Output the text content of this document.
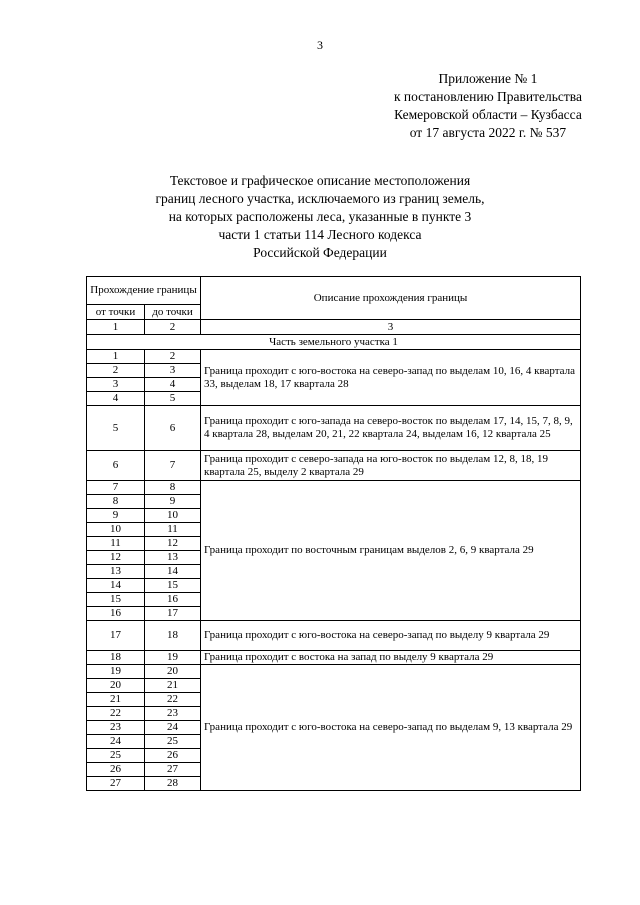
3
Приложение № 1
к постановлению Правительства
Кемеровской области – Кузбасса
от 17 августа 2022 г. № 537
Текстовое и графическое описание местоположения
границ лесного участка, исключаемого из границ земель,
на которых расположены леса, указанные в пункте 3
части 1 статьи 114 Лесного кодекса
Российской Федерации
Прохождение границы		Описание прохождения границы
от точки	до точки	
1	2	3
Часть земельного участка 1		
1	2	Граница проходит с юго-востока на северо-запад по выделам 10, 16, 4 квартала 33, выделам 18, 17 квартала 28
2	3	
3	4	
4	5	
5	6	Граница проходит с юго-запада на северо-восток по выделам 17, 14, 15, 7, 8, 9, 4 квартала 28, выделам 20, 21, 22 квартала 24, выделам 16, 12 квартала 25
6	7	Граница проходит с северо-запада на юго-восток по выделам 12, 8, 18, 19 квартала 25, выделу 2 квартала 29
7	8	Граница проходит по восточным границам выделов 2, 6, 9 квартала 29
8	9	
9	10	
10	11	
11	12	
12	13	
13	14	
14	15	
15	16	
16	17	
17	18	Граница проходит с юго-востока на северо-запад по выделу 9 квартала 29
18	19	Граница проходит с востока на запад по выделу 9 квартала 29
19	20	Граница проходит с юго-востока на северо-запад по выделам 9, 13 квартала 29
20	21	
21	22	
22	23	
23	24	
24	25	
25	26	
26	27	
27	28	
